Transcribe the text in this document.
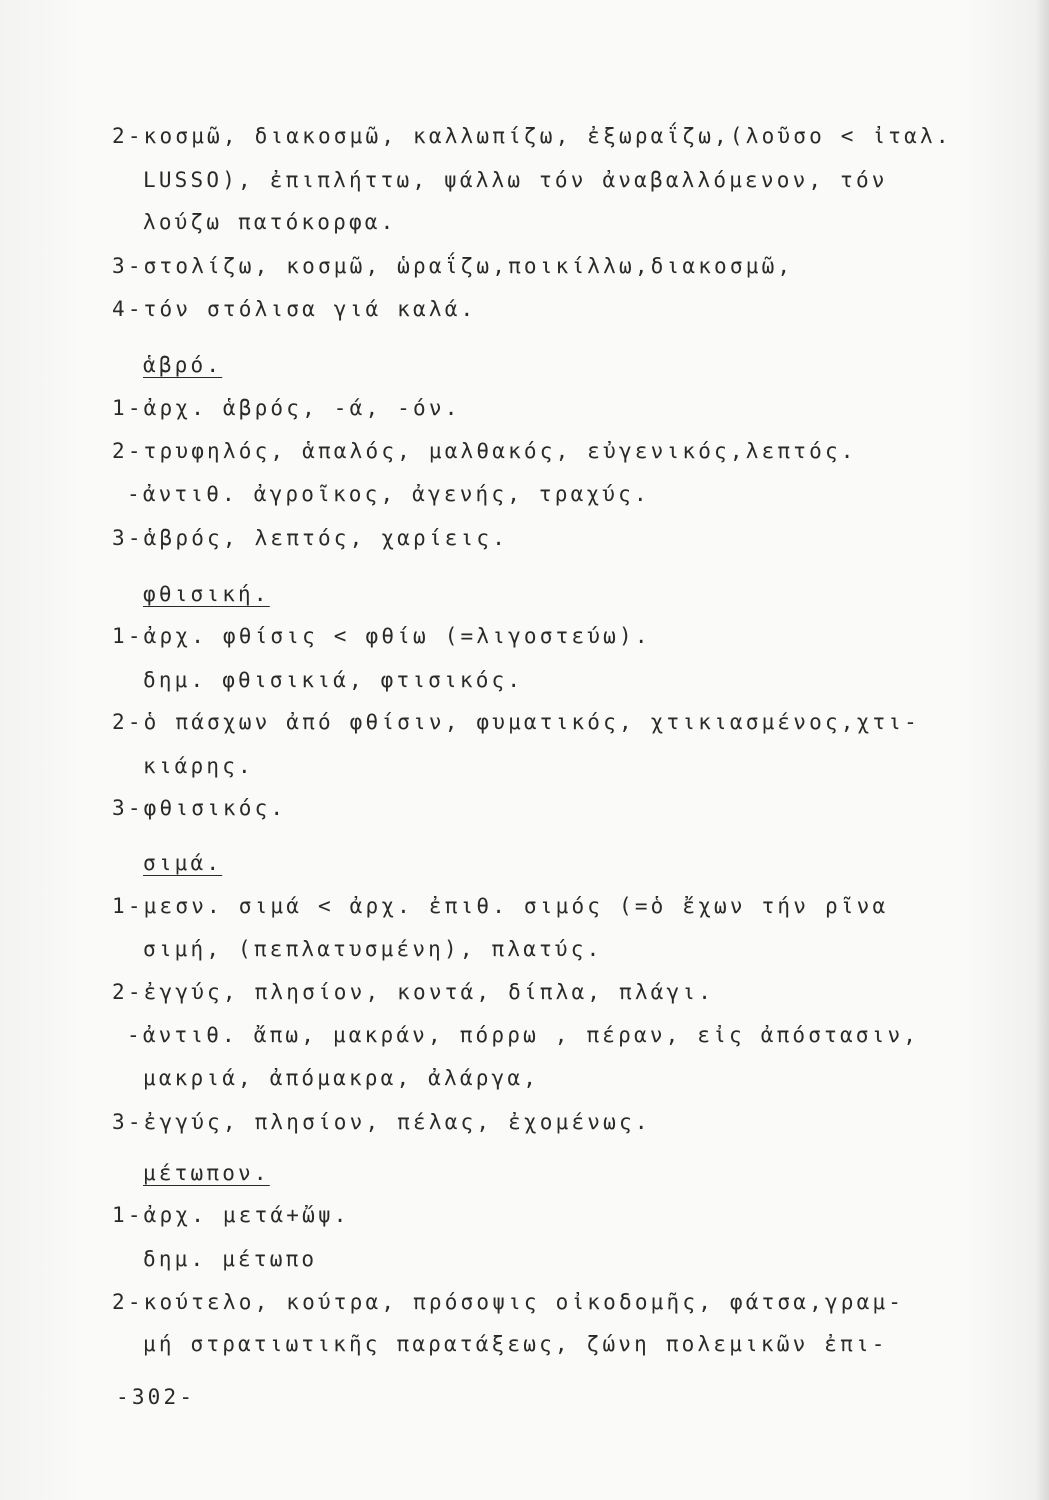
2-κοσμῶ, διακοσμῶ, καλλωπίζω, ἐξωραΐζω,(λοῦσο < ἰταλ.
LUSSO), ἐπιπλήττω, ψάλλω τόν ἀναβαλλόμενον, τόν
λούζω πατόκορφα.
3-στολίζω, κοσμῶ, ὡραΐζω,ποικίλλω,διακοσμῶ,
4-τόν στόλισα γιά καλά.
ἁβρό.
1-ἀρχ. ἁβρός, -ά, -όν.
2-τρυφηλός, ἁπαλός, μαλθακός, εὐγενικός,λεπτός.
-ἀντιθ. ἀγροῖκος, ἀγενής, τραχύς.
3-ἁβρός, λεπτός, χαρίεις.
φθισική.
1-ἀρχ. φθίσις < φθίω (=λιγοστεύω).
δημ. φθισικιά, φτισικός.
2-ὁ πάσχων ἀπό φθίσιν, φυματικός, χτικιασμένος,χτι-
κιάρης.
3-φθισικός.
σιμά.
1-μεσν. σιμά < ἀρχ. ἐπιθ. σιμός (=ὁ ἔχων τήν ρῖνα
σιμή, (πεπλατυσμένη), πλατύς.
2-ἐγγύς, πλησίον, κοντά, δίπλα, πλάγι.
-ἀντιθ. ἄπω, μακράν, πόρρω , πέραν, εἰς ἀπόστασιν,
μακριά, ἀπόμακρα, ἀλάργα,
3-ἐγγύς, πλησίον, πέλας, ἐχομένως.
μέτωπον.
1-ἀρχ. μετά+ὤψ.
δημ. μέτωπο
2-κούτελο, κούτρα, πρόσοψις οἰκοδομῆς, φάτσα,γραμ-
μή στρατιωτικῆς παρατάξεως, ζώνη πολεμικῶν ἐπι-
-302-
